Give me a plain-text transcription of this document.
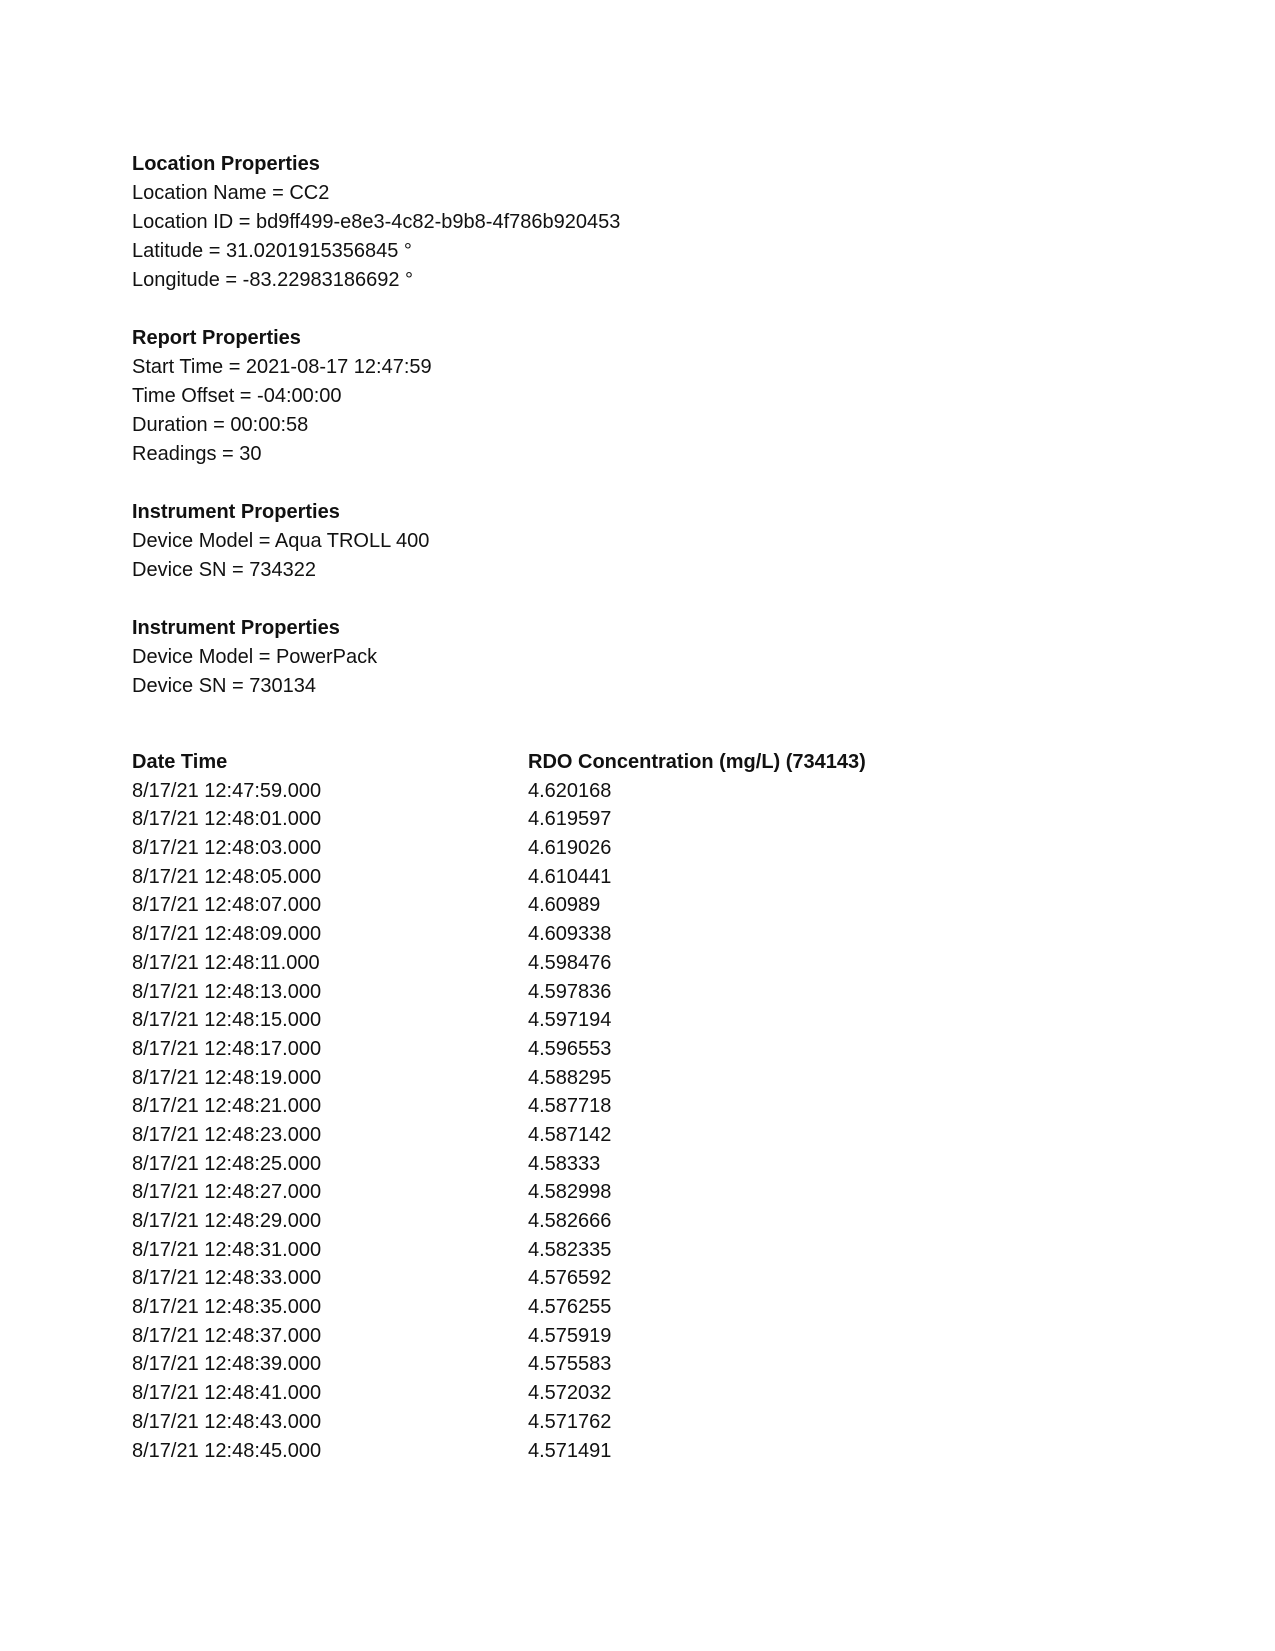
Location Properties
Location Name = CC2
Location ID = bd9ff499-e8e3-4c82-b9b8-4f786b920453
Latitude = 31.0201915356845 °
Longitude = -83.22983186692 °
Report Properties
Start Time = 2021-08-17 12:47:59
Time Offset = -04:00:00
Duration = 00:00:58
Readings = 30
Instrument Properties
Device Model = Aqua TROLL 400
Device SN = 734322
Instrument Properties
Device Model = PowerPack
Device SN = 730134
Date Time	RDO Concentration (mg/L) (734143)
8/17/21 12:47:59.000	4.620168
8/17/21 12:48:01.000	4.619597
8/17/21 12:48:03.000	4.619026
8/17/21 12:48:05.000	4.610441
8/17/21 12:48:07.000	4.60989
8/17/21 12:48:09.000	4.609338
8/17/21 12:48:11.000	4.598476
8/17/21 12:48:13.000	4.597836
8/17/21 12:48:15.000	4.597194
8/17/21 12:48:17.000	4.596553
8/17/21 12:48:19.000	4.588295
8/17/21 12:48:21.000	4.587718
8/17/21 12:48:23.000	4.587142
8/17/21 12:48:25.000	4.58333
8/17/21 12:48:27.000	4.582998
8/17/21 12:48:29.000	4.582666
8/17/21 12:48:31.000	4.582335
8/17/21 12:48:33.000	4.576592
8/17/21 12:48:35.000	4.576255
8/17/21 12:48:37.000	4.575919
8/17/21 12:48:39.000	4.575583
8/17/21 12:48:41.000	4.572032
8/17/21 12:48:43.000	4.571762
8/17/21 12:48:45.000	4.571491
